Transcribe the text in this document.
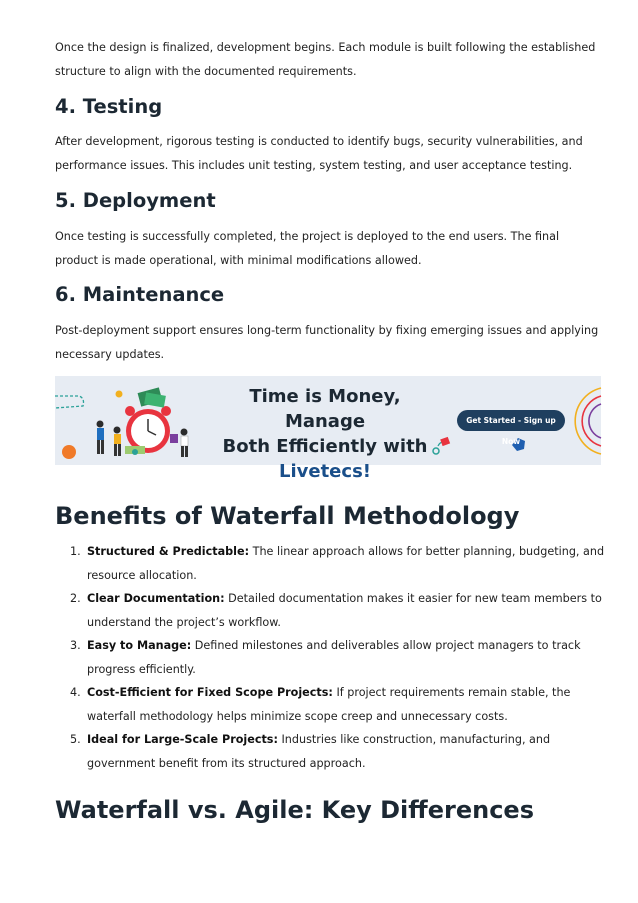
Once the design is finalized, development begins. Each module is built following the established structure to align with the documented requirements.

4. Testing

After development, rigorous testing is conducted to identify bugs, security vulnerabilities, and performance issues. This includes unit testing, system testing, and user acceptance testing.

5. Deployment

Once testing is successfully completed, the project is deployed to the end users. The final product is made operational, with minimal modifications allowed.

6. Maintenance

Post-deployment support ensures long-term functionality by fixing emerging issues and applying necessary updates.

Time is Money, Manage
Both Efficiently with
Livetecs!
Get Started - Sign up Now
Benefits of Waterfall Methodology
1. Structured & Predictable: The linear approach allows for better planning, budgeting, and resource allocation.
2. Clear Documentation: Detailed documentation makes it easier for new team members to understand the project’s workflow.
3. Easy to Manage: Defined milestones and deliverables allow project managers to track progress efficiently.
4. Cost-Efficient for Fixed Scope Projects: If project requirements remain stable, the waterfall methodology helps minimize scope creep and unnecessary costs.
5. Ideal for Large-Scale Projects: Industries like construction, manufacturing, and government benefit from its structured approach.
Waterfall vs. Agile: Key Differences
